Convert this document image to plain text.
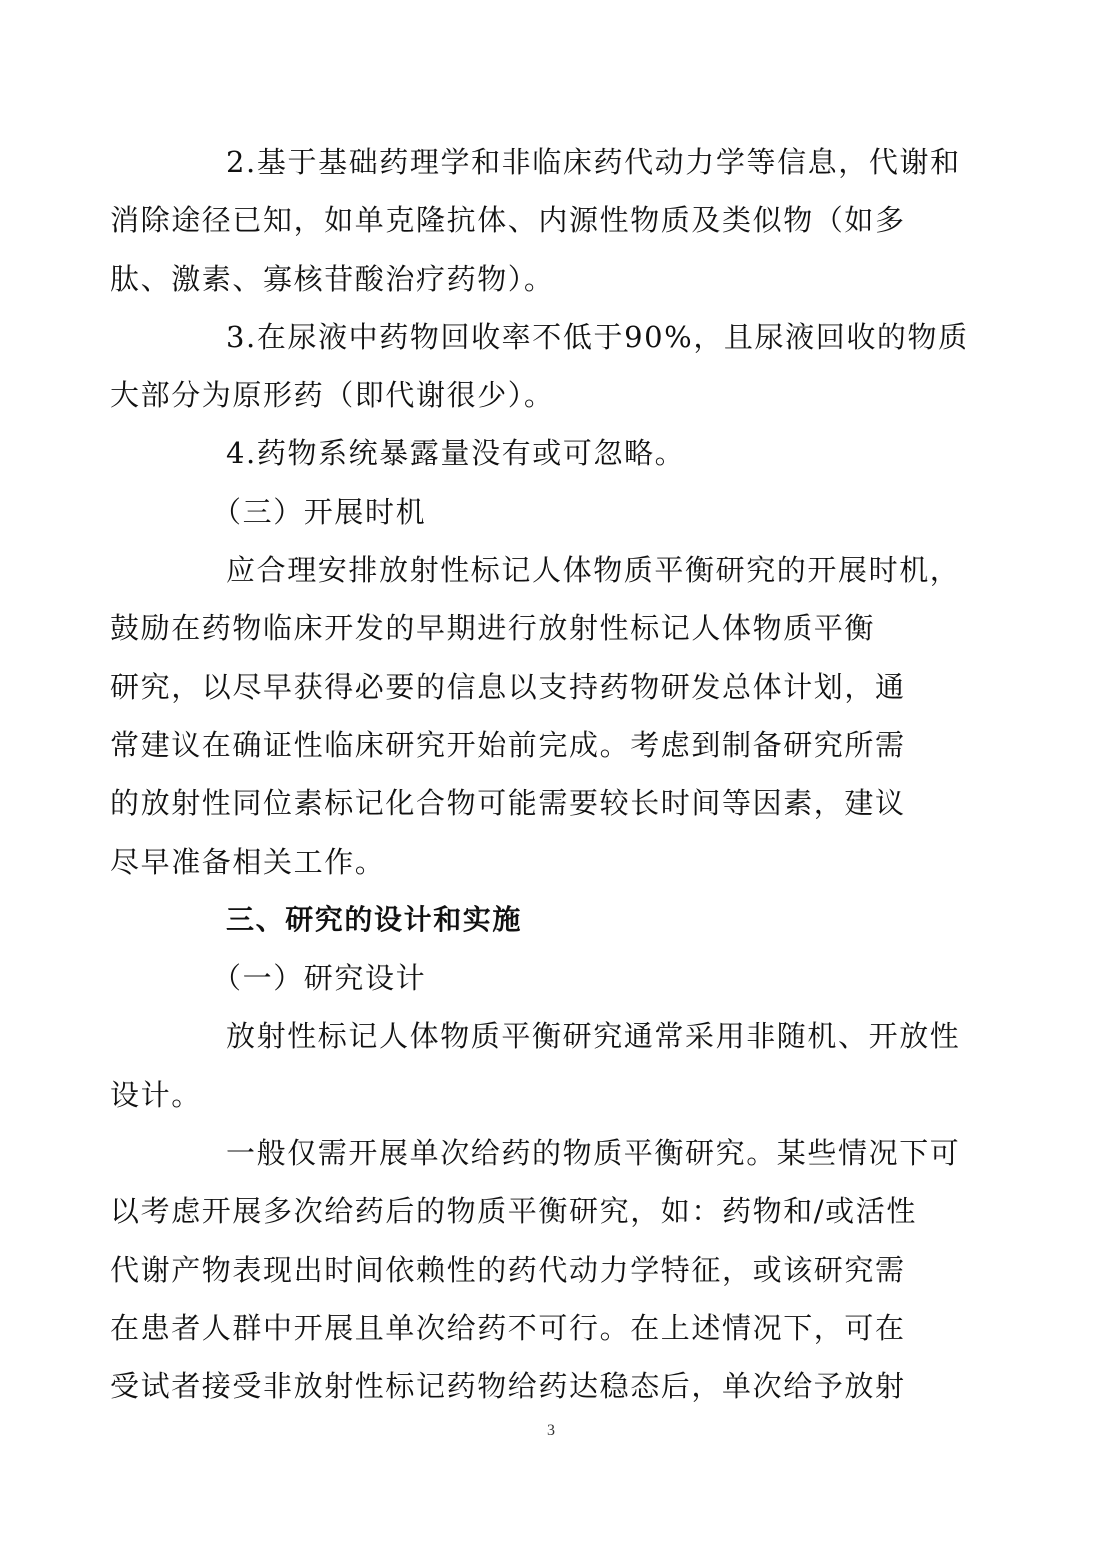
2.基于基础药理学和非临床药代动力学等信息，代谢和
消除途径已知，如单克隆抗体、内源性物质及类似物（如多
肽、激素、寡核苷酸治疗药物）。

3.在尿液中药物回收率不低于90%，且尿液回收的物质
大部分为原形药（即代谢很少）。

4.药物系统暴露量没有或可忽略。

（三）开展时机

应合理安排放射性标记人体物质平衡研究的开展时机，
鼓励在药物临床开发的早期进行放射性标记人体物质平衡
研究，以尽早获得必要的信息以支持药物研发总体计划，通
常建议在确证性临床研究开始前完成。考虑到制备研究所需
的放射性同位素标记化合物可能需要较长时间等因素，建议
尽早准备相关工作。

三、研究的设计和实施

（一）研究设计

放射性标记人体物质平衡研究通常采用非随机、开放性
设计。

一般仅需开展单次给药的物质平衡研究。某些情况下可
以考虑开展多次给药后的物质平衡研究，如：药物和/或活性
代谢产物表现出时间依赖性的药代动力学特征，或该研究需
在患者人群中开展且单次给药不可行。在上述情况下，可在
受试者接受非放射性标记药物给药达稳态后，单次给予放射

3
